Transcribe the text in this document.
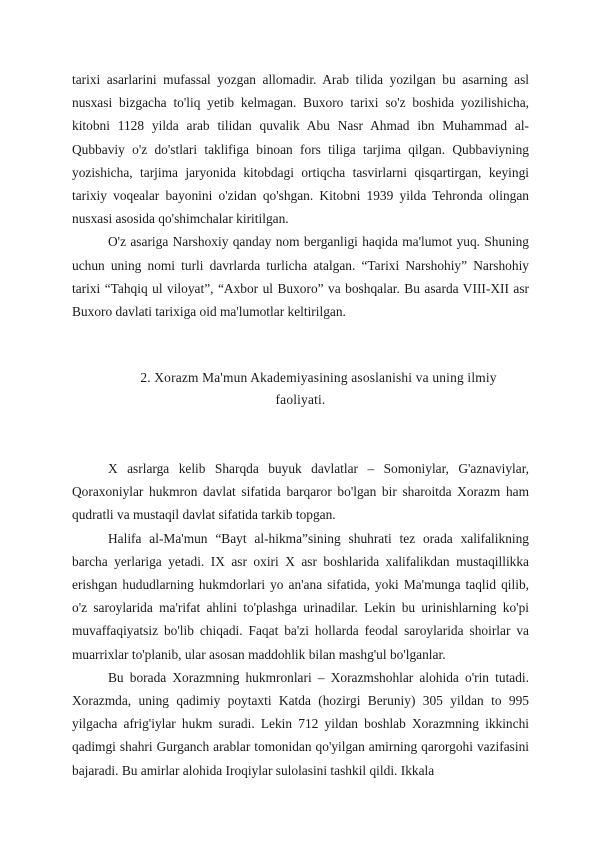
tarixi asarlarini mufassal yozgan allomadir. Arab tilida yozilgan bu asarning asl nusxasi bizgacha to'liq yetib kelmagan. Buxoro tarixi so'z boshida yozilishicha, kitobni 1128 yilda arab tilidan quvalik Abu Nasr Ahmad ibn Muhammad al-Qubbaviy o'z do'stlari taklifiga binoan fors tiliga tarjima qilgan. Qubbaviyning yozishicha, tarjima jaryonida kitobdagi ortiqcha tasvirlarni qisqartirgan, keyingi tarixiy voqealar bayonini o'zidan qo'shgan. Kitobni 1939 yilda Tehronda olingan nusxasi asosida qo'shimchalar kiritilgan.

O'z asariga Narshoxiy qanday nom berganligi haqida ma'lumot yuq. Shuning uchun uning nomi turli davrlarda turlicha atalgan. “Tarixi Narshohiy” Narshohiy tarixi “Tahqiq ul viloyat”, “Axbor ul Buxoro” va boshqalar. Bu asarda VIII-XII asr Buxoro davlati tarixiga oid ma'lumotlar keltirilgan.

2. Xorazm Ma'mun Akademiyasining asoslanishi va uning ilmiy
faoliyati.

X asrlarga kelib Sharqda buyuk davlatlar – Somoniylar, G'aznaviylar, Qoraxoniylar hukmron davlat sifatida barqaror bo'lgan bir sharoitda Xorazm ham qudratli va mustaqil davlat sifatida tarkib topgan.

Halifa al-Ma'mun “Bayt al-hikma”sining shuhrati tez orada xalifalikning barcha yerlariga yetadi. IX asr oxiri X asr boshlarida xalifalikdan mustaqillikka erishgan hududlarning hukmdorlari yo an'ana sifatida, yoki Ma'munga taqlid qilib, o'z saroylarida ma'rifat ahlini to'plashga urinadilar. Lekin bu urinishlarning ko'pi muvaffaqiyatsiz bo'lib chiqadi. Faqat ba'zi hollarda feodal saroylarida shoirlar va muarrixlar to'planib, ular asosan maddohlik bilan mashg'ul bo'lganlar.

Bu borada Xorazmning hukmronlari – Xorazmshohlar alohida o'rin tutadi. Xorazmda, uning qadimiy poytaxti Katda (hozirgi Beruniy) 305 yildan to 995 yilgacha afrig'iylar hukm suradi. Lekin 712 yildan boshlab Xorazmning ikkinchi qadimgi shahri Gurganch arablar tomonidan qo'yilgan amirning qarorgohi vazifasini bajaradi. Bu amirlar alohida Iroqiylar sulolasini tashkil qildi. Ikkala
